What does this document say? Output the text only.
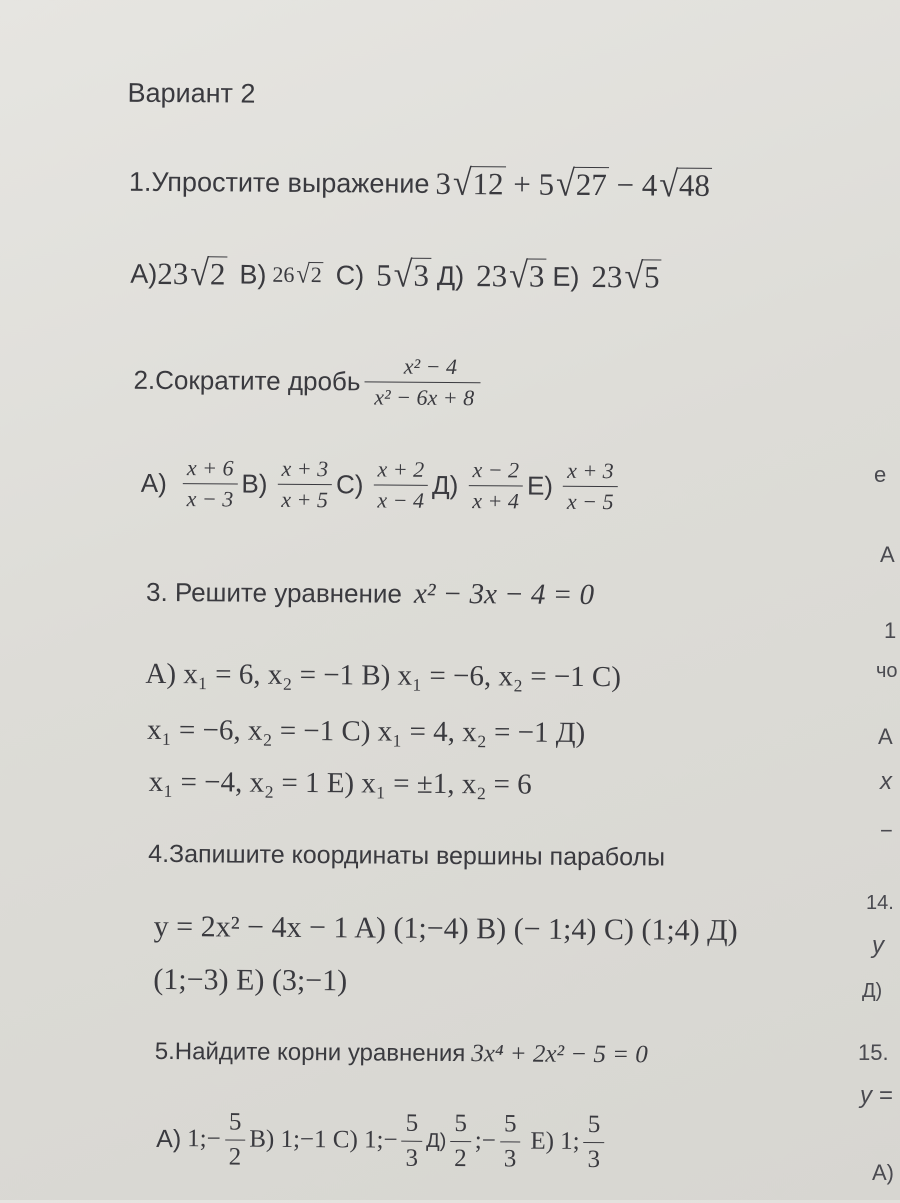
Вариант 2
1.Упростите выражение 3 √ 12 + 5 √ 27 − 4 √ 48
A) 23 √ 2 B) 26 √ 2 C) 5 √ 3 Д) 23 √ 3 E) 23 √ 5
2.Сократите дробь $\frac{\text{x² − 4}}{\text{x² − 6x + 8}}$
$A) \frac{x + 6}{x - 3} B) \frac{x + 3}{x + 5} C) \frac{x + 2}{x - 4} Д) \frac{x - 2}{x + 4} E) \frac{x + 3}{x - 5}$
3. Решите уравнение x² − 3x − 4 = 0
A) x₁ = 6, x₂ = −1 B) x₁ = −6, x₂ = −1 C)
x₁ = −6, x₂ = −1 C) x₁ = 4, x₂ = −1 Д)
x₁ = −4, x₂ = 1 E) x₁ = ±1, x₂ = 6
4.Запишите координаты вершины параболы
y = 2x² − 4x − 1 A) (1;−4) B) (− 1;4) C) (1;4) Д)
(1;−3) E) (3;−1)
5.Найдите корни уравнения 3x⁴ + 2x² − 5 = 0
A) 1;− $\frac{5}{2} B$) 1;−1 C) 1;− $\frac{5}{3} Д) \frac{5}{2}$ ;− $\frac{5}{3} E$) 1; $\frac{5}{3}$
е
А
1
чо
А
x
−
14.
y
Д)
15.
y =
А)
